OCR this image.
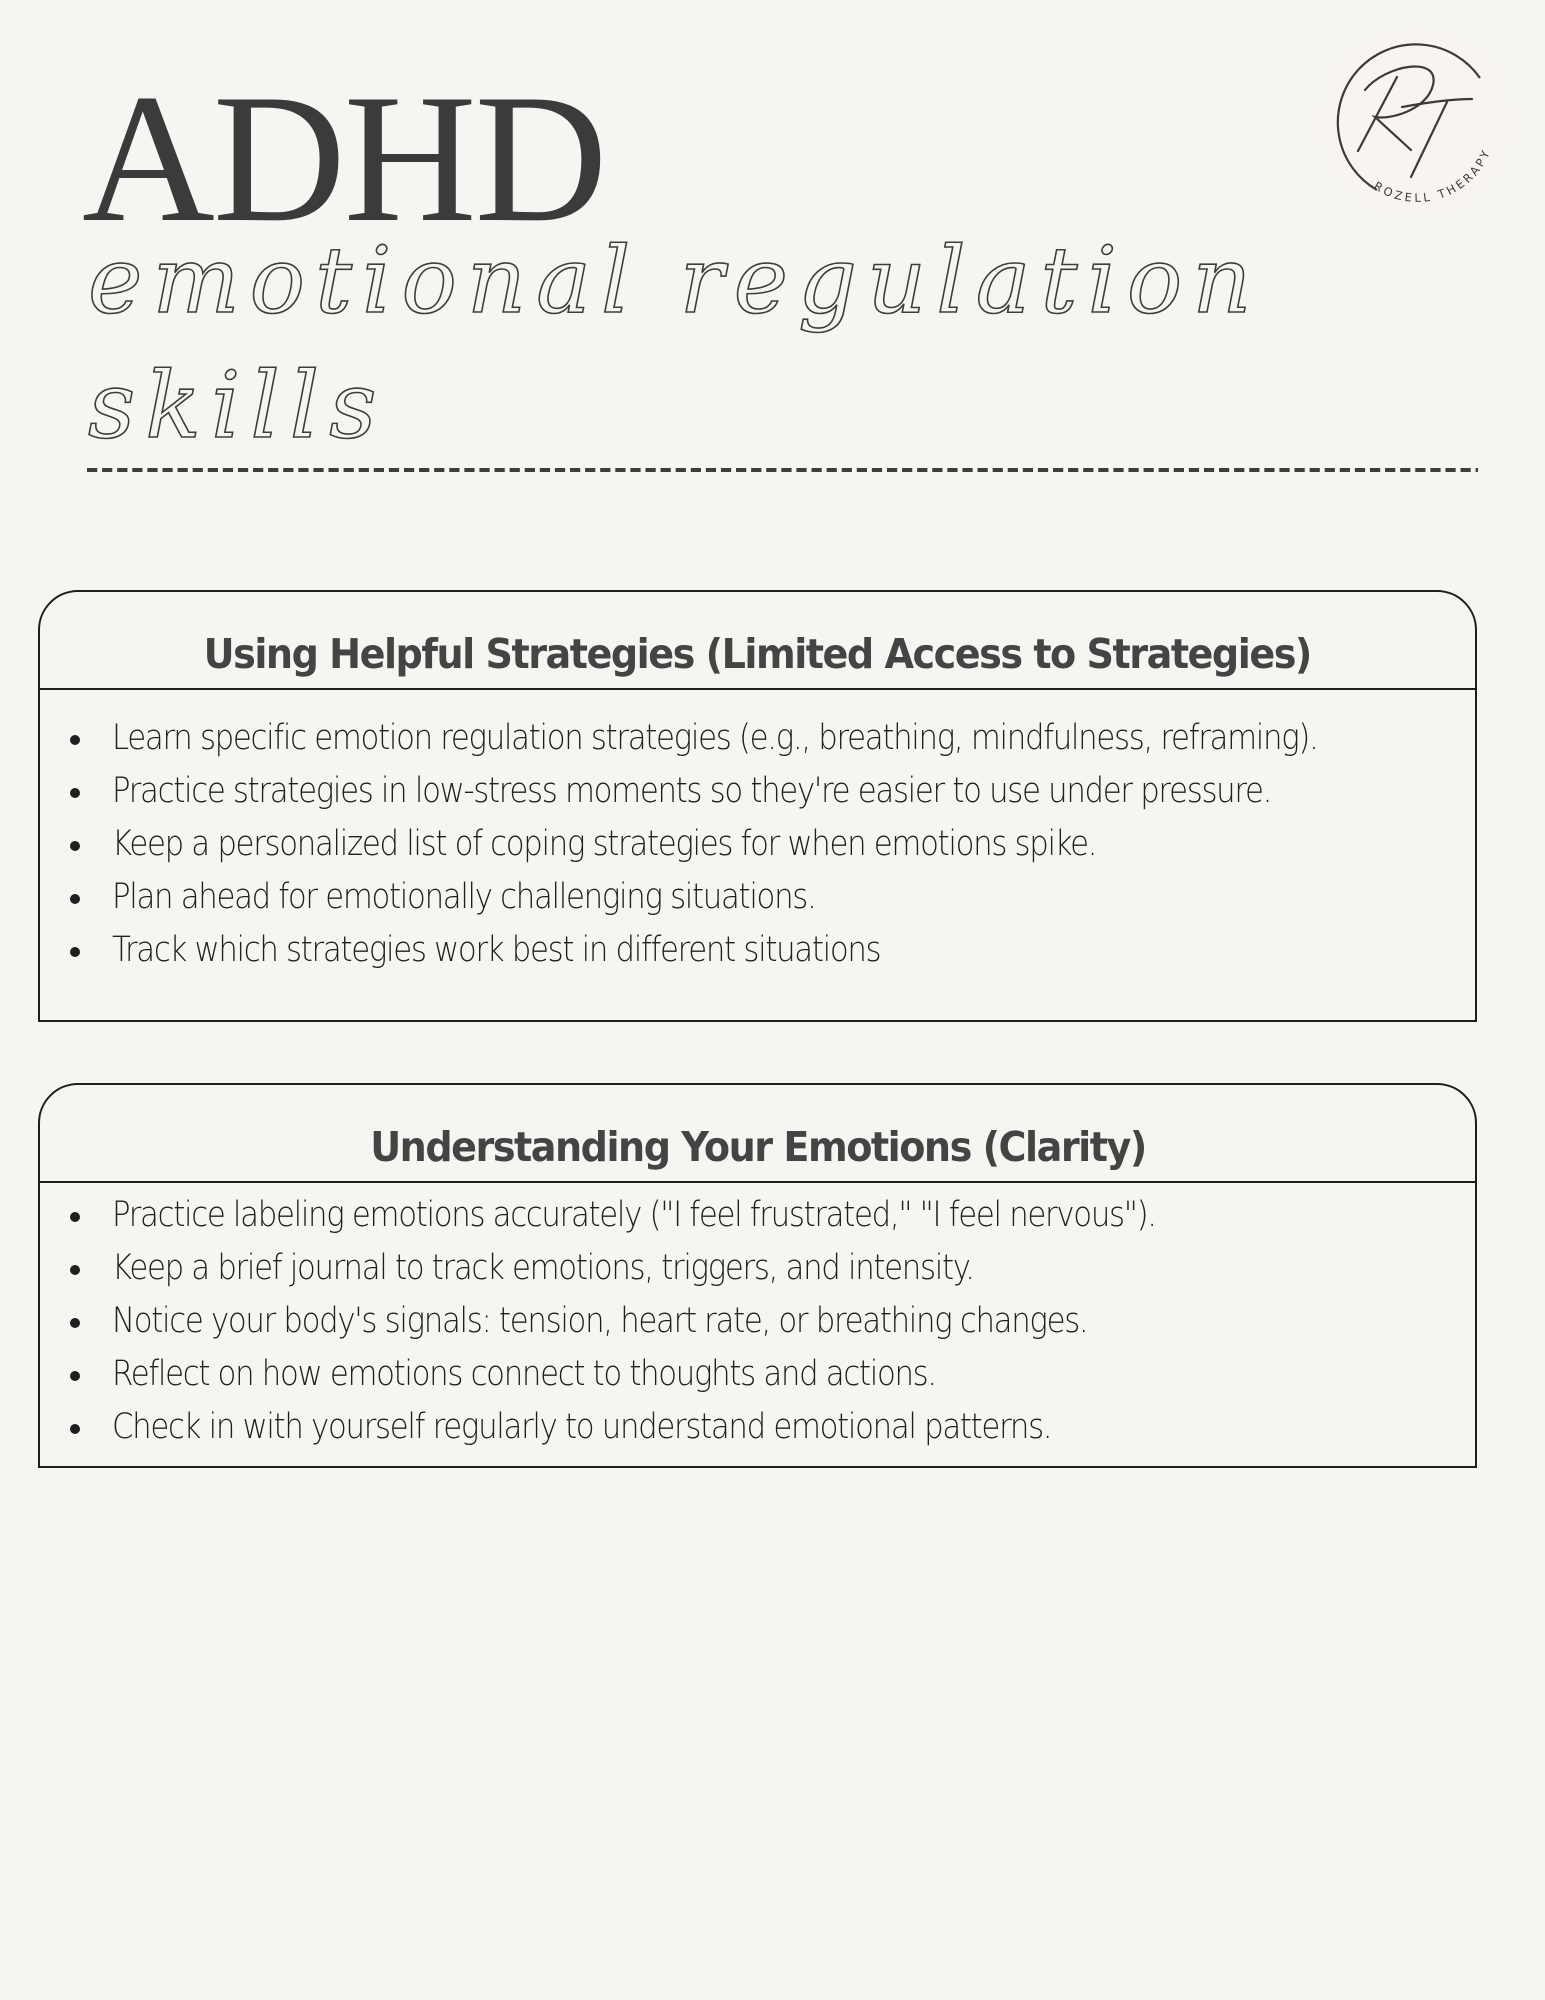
ADHD
emotional regulation
skills
ROZELL THERAPY
Using Helpful Strategies (Limited Access to Strategies)
Learn specific emotion regulation strategies (e.g., breathing, mindfulness, reframing).
Practice strategies in low-stress moments so they're easier to use under pressure.
Keep a personalized list of coping strategies for when emotions spike.
Plan ahead for emotionally challenging situations.
Track which strategies work best in different situations
Understanding Your Emotions (Clarity)
Practice labeling emotions accurately ("I feel frustrated," "I feel nervous").
Keep a brief journal to track emotions, triggers, and intensity.
Notice your body's signals: tension, heart rate, or breathing changes.
Reflect on how emotions connect to thoughts and actions.
Check in with yourself regularly to understand emotional patterns.
